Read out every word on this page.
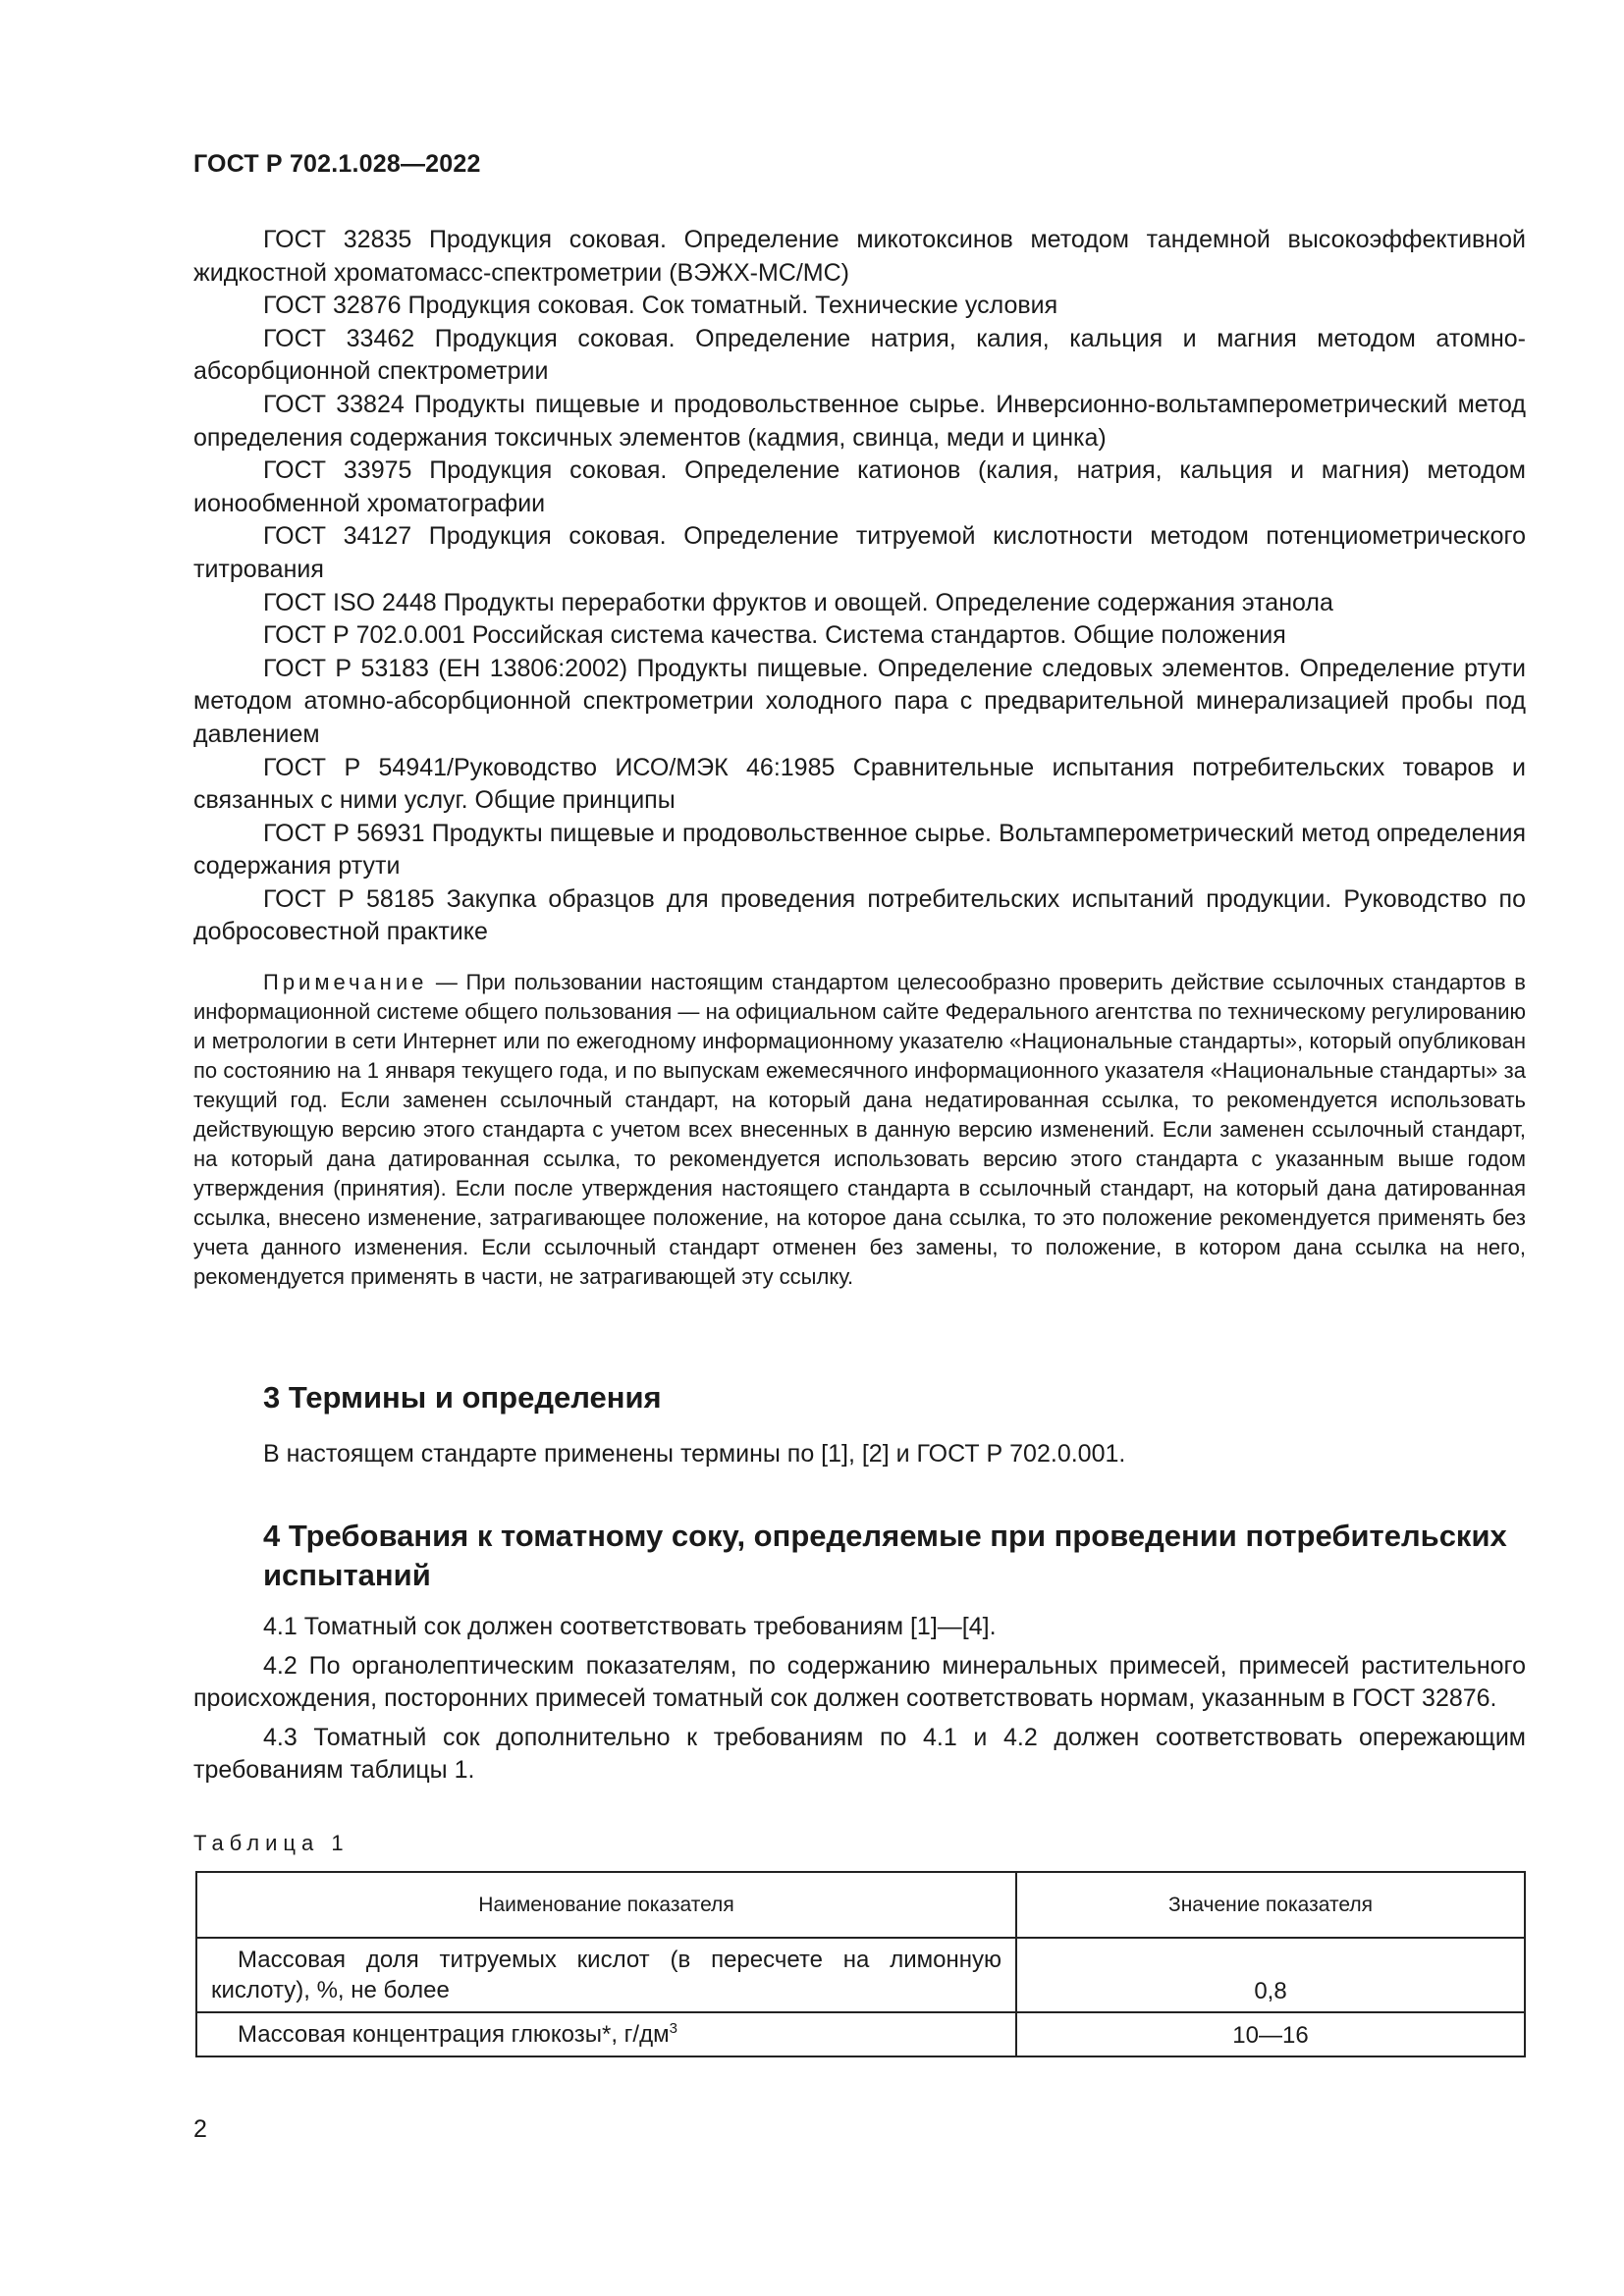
ГОСТ Р 702.1.028—2022

ГОСТ 32835 Продукция соковая. Определение микотоксинов методом тандемной высокоэффективной жидкостной хроматомасс-спектрометрии (ВЭЖХ-МС/МС)

ГОСТ 32876 Продукция соковая. Сок томатный. Технические условия

ГОСТ 33462 Продукция соковая. Определение натрия, калия, кальция и магния методом атомно-абсорбционной спектрометрии

ГОСТ 33824 Продукты пищевые и продовольственное сырье. Инверсионно-вольтамперометрический метод определения содержания токсичных элементов (кадмия, свинца, меди и цинка)

ГОСТ 33975 Продукция соковая. Определение катионов (калия, натрия, кальция и магния) методом ионообменной хроматографии

ГОСТ 34127 Продукция соковая. Определение титруемой кислотности методом потенциометрического титрования

ГОСТ ISO 2448 Продукты переработки фруктов и овощей. Определение содержания этанола

ГОСТ Р 702.0.001 Российская система качества. Система стандартов. Общие положения

ГОСТ Р 53183 (ЕН 13806:2002) Продукты пищевые. Определение следовых элементов. Определение ртути методом атомно-абсорбционной спектрометрии холодного пара с предварительной минерализацией пробы под давлением

ГОСТ Р 54941/Руководство ИСО/МЭК 46:1985 Сравнительные испытания потребительских товаров и связанных с ними услуг. Общие принципы

ГОСТ Р 56931 Продукты пищевые и продовольственное сырье. Вольтамперометрический метод определения содержания ртути

ГОСТ Р 58185 Закупка образцов для проведения потребительских испытаний продукции. Руководство по добросовестной практике

Примечание — При пользовании настоящим стандартом целесообразно проверить действие ссылочных стандартов в информационной системе общего пользования — на официальном сайте Федерального агентства по техническому регулированию и метрологии в сети Интернет или по ежегодному информационному указателю «Национальные стандарты», который опубликован по состоянию на 1 января текущего года, и по выпускам ежемесячного информационного указателя «Национальные стандарты» за текущий год. Если заменен ссылочный стандарт, на который дана недатированная ссылка, то рекомендуется использовать действующую версию этого стандарта с учетом всех внесенных в данную версию изменений. Если заменен ссылочный стандарт, на который дана датированная ссылка, то рекомендуется использовать версию этого стандарта с указанным выше годом утверждения (принятия). Если после утверждения настоящего стандарта в ссылочный стандарт, на который дана датированная ссылка, внесено изменение, затрагивающее положение, на которое дана ссылка, то это положение рекомендуется применять без учета данного изменения. Если ссылочный стандарт отменен без замены, то положение, в котором дана ссылка на него, рекомендуется применять в части, не затрагивающей эту ссылку.

3 Термины и определения

В настоящем стандарте применены термины по [1], [2] и ГОСТ Р 702.0.001.

4 Требования к томатному соку, определяемые при проведении потребительских испытаний

4.1 Томатный сок должен соответствовать требованиям [1]—[4].

4.2 По органолептическим показателям, по содержанию минеральных примесей, примесей растительного происхождения, посторонних примесей томатный сок должен соответствовать нормам, указанным в ГОСТ 32876.

4.3 Томатный сок дополнительно к требованиям по 4.1 и 4.2 должен соответствовать опережающим требованиям таблицы 1.

Таблица 1
Наименование показателя	Значение показателя
Массовая доля титруемых кислот (в пересчете на лимонную кислоту), %, не более	0,8
Массовая концентрация глюкозы*, $г/дм^3$	10—16
2
